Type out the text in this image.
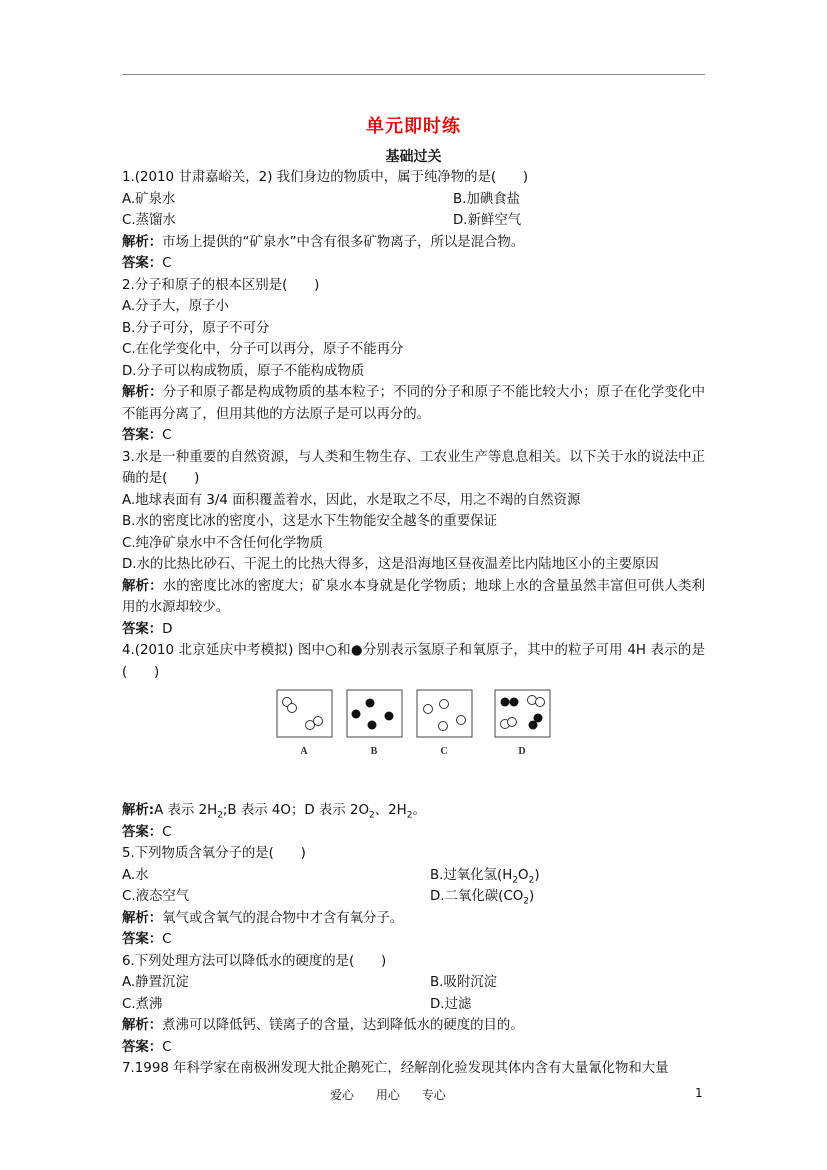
单元即时练
基础过关
1.(2010 甘肃嘉峪关，2) 我们身边的物质中，属于纯净物的是(　　)
A.矿泉水	B.加碘食盐
C.蒸馏水	D.新鲜空气
解析：市场上提供的“矿泉水”中含有很多矿物离子，所以是混合物。
答案：C
2.分子和原子的根本区别是(　　)
A.分子大，原子小
B.分子可分，原子不可分
C.在化学变化中，分子可以再分，原子不能再分
D.分子可以构成物质，原子不能构成物质
解析：分子和原子都是构成物质的基本粒子；不同的分子和原子不能比较大小；原子在化学变化中不能再分离了，但用其他的方法原子是可以再分的。
答案：C
3.水是一种重要的自然资源，与人类和生物生存、工农业生产等息息相关。以下关于水的说法中正确的是(　　)
A.地球表面有 3/4 面积覆盖着水，因此，水是取之不尽，用之不竭的自然资源
B.水的密度比冰的密度小，这是水下生物能安全越冬的重要保证
C.纯净矿泉水中不含任何化学物质
D.水的比热比砂石、干泥土的比热大得多，这是沿海地区昼夜温差比内陆地区小的主要原因
解析：水的密度比冰的密度大；矿泉水本身就是化学物质；地球上水的含量虽然丰富但可供人类利用的水源却较少。
答案：D
4.(2010 北京延庆中考模拟) 图中○和●分别表示氢原子和氧原子，其中的粒子可用 4H 表示的是(　　)
A	B	C	D
解析:A 表示 $2H_2;B$ 表示 4O；D 表示 $2O_2$、$2H_2$。
答案：C
5.下列物质含氧分子的是(　　)
A.水	B.过氧化氢$(H_2O_2)$
C.液态空气	D.二氧化碳$(CO_2)$
解析：氧气或含氧气的混合物中才含有氧分子。
答案：C
6.下列处理方法可以降低水的硬度的是(　　)
A.静置沉淀	B.吸附沉淀
C.煮沸	D.过滤
解析：煮沸可以降低钙、镁离子的含量，达到降低水的硬度的目的。
答案：C
7.1998 年科学家在南极洲发现大批企鹅死亡，经解剖化验发现其体内含有大量氰化物和大量
爱心 用心 专心	1
